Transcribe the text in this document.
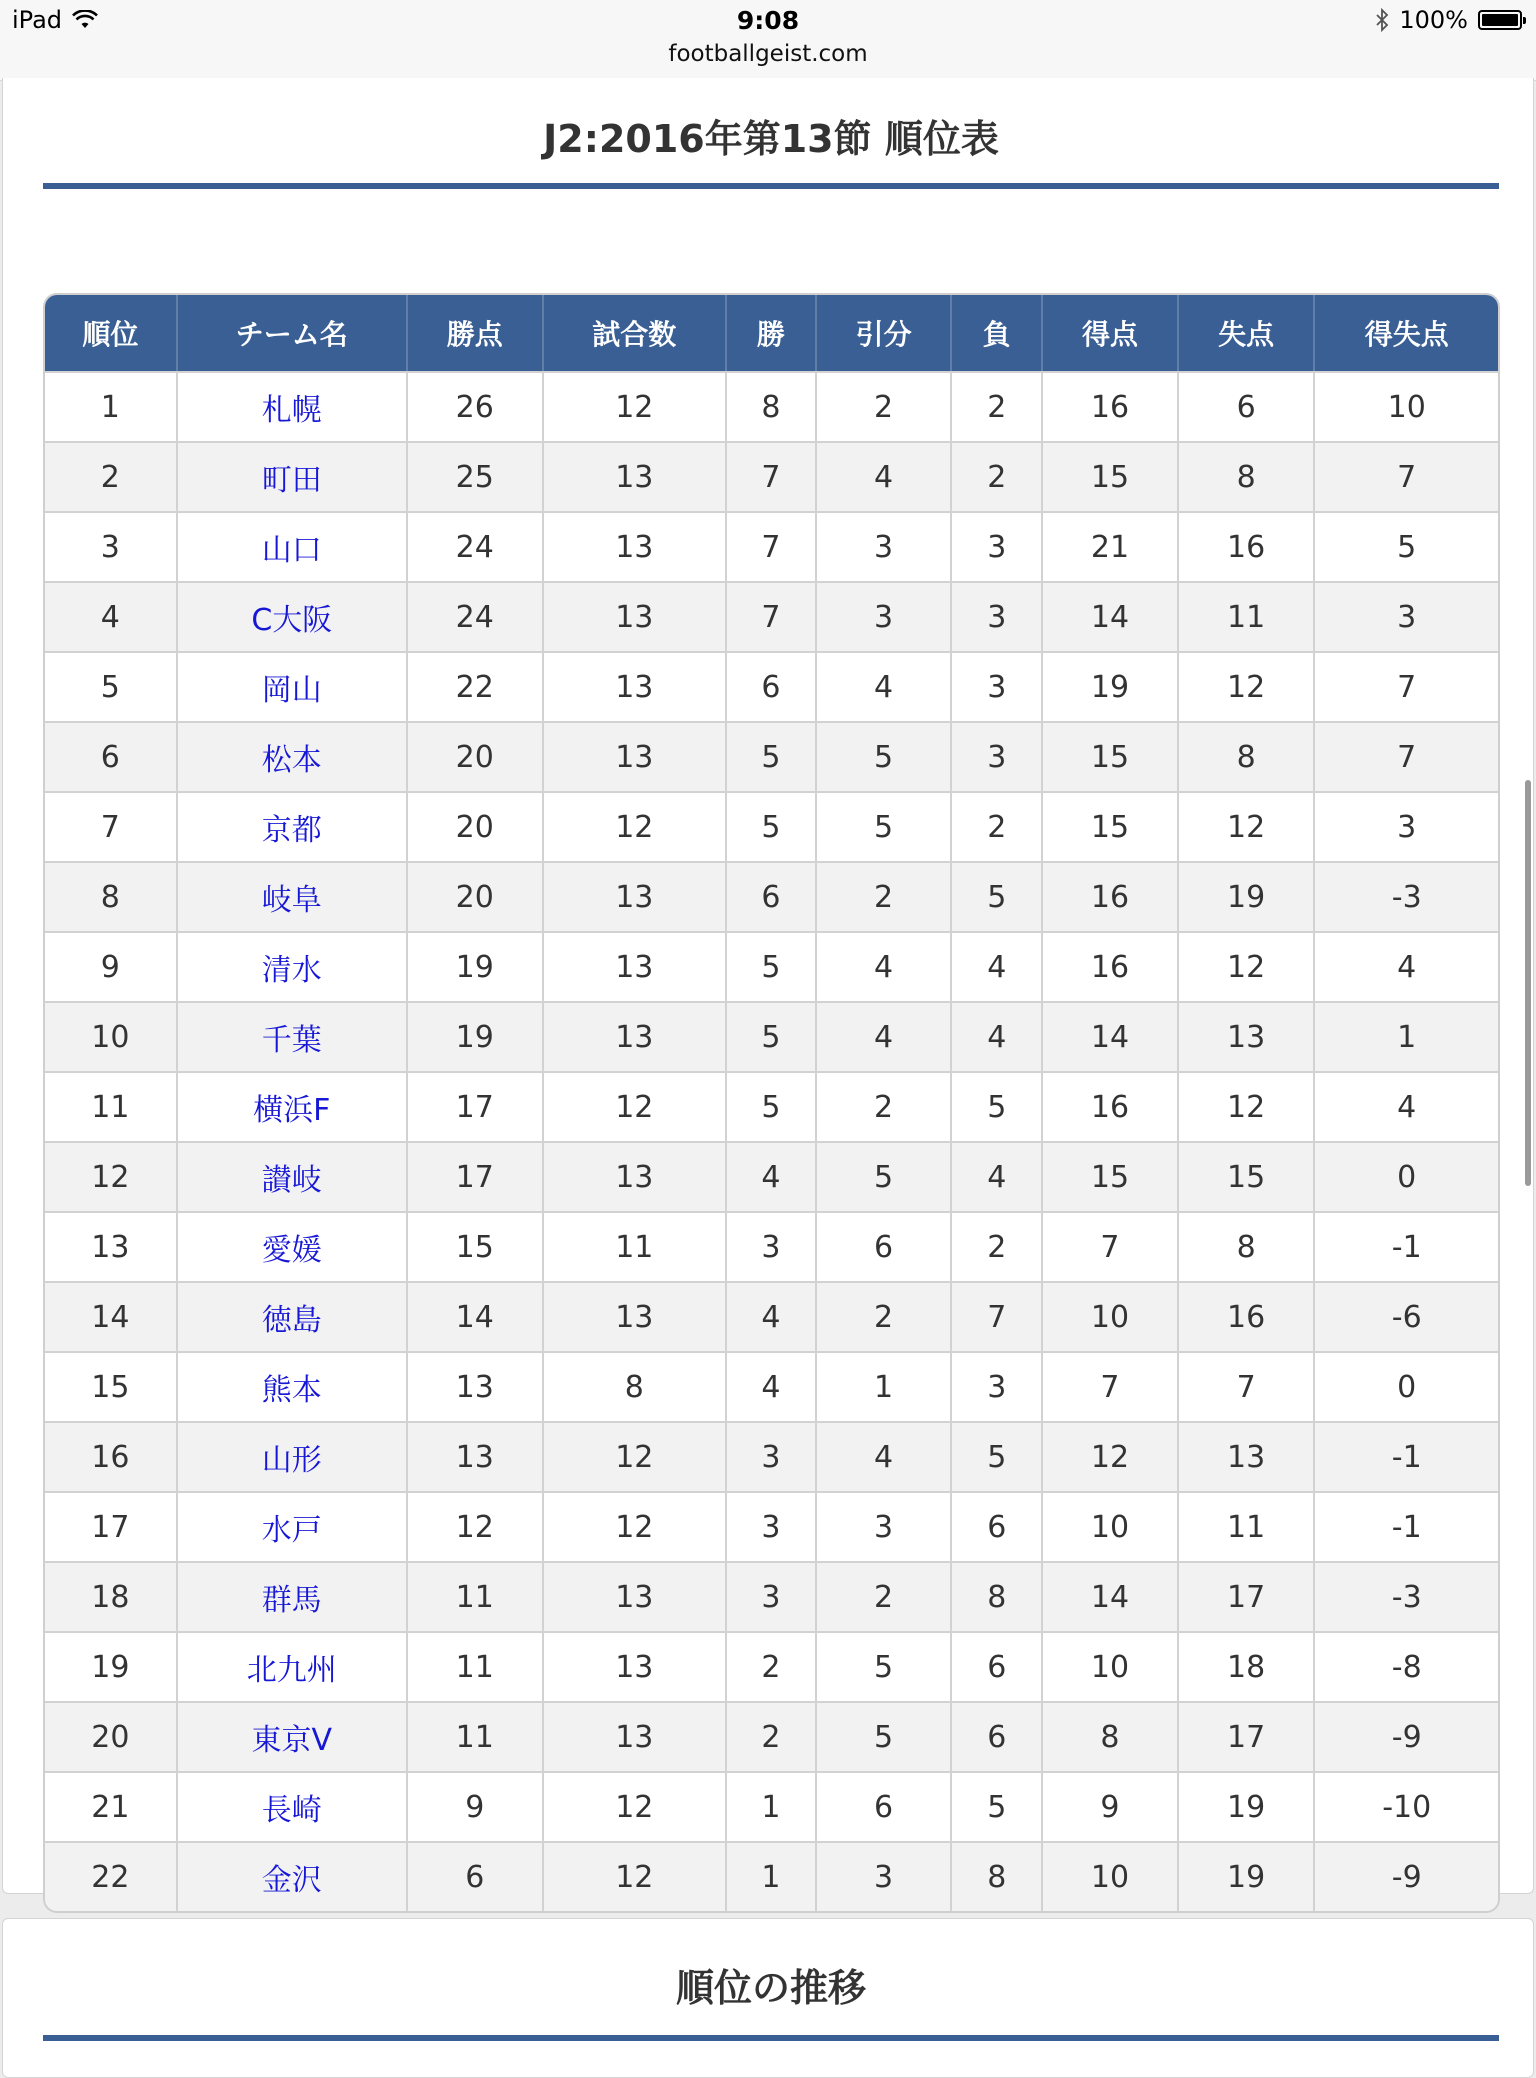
iPad	9:08
footballgeist.com
100%
J2:2016年第13節 順位表
順位	チーム名	勝点	試合数	勝	引分	負	得点	失点	得失点
1	札幌	26	12	8	2	2	16	6	10
2	町田	25	13	7	4	2	15	8	7
3	山口	24	13	7	3	3	21	16	5
4	C大阪	24	13	7	3	3	14	11	3
5	岡山	22	13	6	4	3	19	12	7
6	松本	20	13	5	5	3	15	8	7
7	京都	20	12	5	5	2	15	12	3
8	岐阜	20	13	6	2	5	16	19	-3
9	清水	19	13	5	4	4	16	12	4
10	千葉	19	13	5	4	4	14	13	1
11	横浜F	17	12	5	2	5	16	12	4
12	讃岐	17	13	4	5	4	15	15	0
13	愛媛	15	11	3	6	2	7	8	-1
14	徳島	14	13	4	2	7	10	16	-6
15	熊本	13	8	4	1	3	7	7	0
16	山形	13	12	3	4	5	12	13	-1
17	水戸	12	12	3	3	6	10	11	-1
18	群馬	11	13	3	2	8	14	17	-3
19	北九州	11	13	2	5	6	10	18	-8
20	東京V	11	13	2	5	6	8	17	-9
21	長崎	9	12	1	6	5	9	19	-10
22	金沢	6	12	1	3	8	10	19	-9
順位の推移
